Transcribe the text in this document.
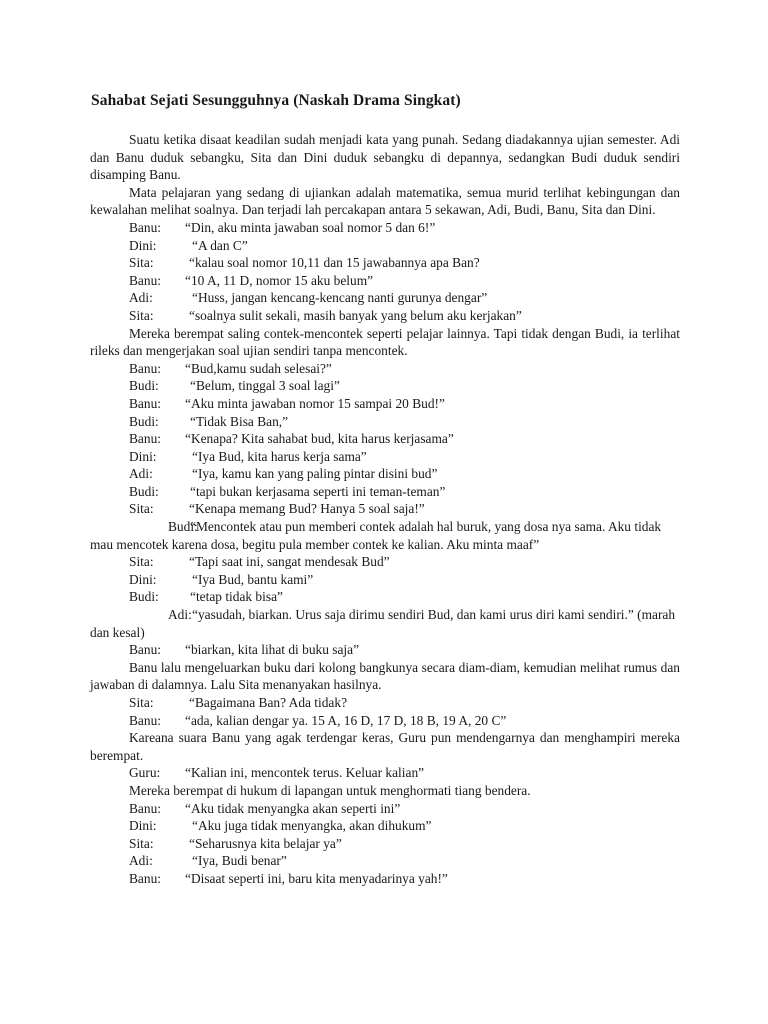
Sahabat Sejati Sesungguhnya (Naskah Drama Singkat)

Suatu ketika disaat keadilan sudah menjadi kata yang punah. Sedang diadakannya ujian semester. Adi dan Banu duduk sebangku, Sita dan Dini duduk sebangku di depannya, sedangkan Budi duduk sendiri disamping Banu.

Mata pelajaran yang sedang di ujiankan adalah matematika, semua murid terlihat kebingungan dan kewalahan melihat soalnya. Dan terjadi lah percakapan antara 5 sekawan, Adi, Budi, Banu, Sita dan Dini.

Banu: “Din, aku minta jawaban soal nomor 5 dan 6!”

Dini:	“A dan C”

Sita:	“kalau soal nomor 10,11 dan 15 jawabannya apa Ban?

Banu: “10 A, 11 D, nomor 15 aku belum”

Adi:	“Huss, jangan kencang-kencang nanti gurunya dengar”

Sita:	“soalnya sulit sekali, masih banyak yang belum aku kerjakan”

Mereka berempat saling contek-mencontek seperti pelajar lainnya. Tapi tidak dengan Budi, ia terlihat rileks dan mengerjakan soal ujian sendiri tanpa mencontek.

Banu: “Bud,kamu sudah selesai?”

Budi: “Belum, tinggal 3 soal lagi”

Banu: “Aku minta jawaban nomor 15 sampai 20 Bud!”

Budi: “Tidak Bisa Ban,”

Banu: “Kenapa? Kita sahabat bud, kita harus kerjasama”

Dini:	“Iya Bud, kita harus kerja sama”

Adi:	“Iya, kamu kan yang paling pintar disini bud”

Budi: “tapi bukan kerjasama seperti ini teman-teman”

Sita:	“Kenapa memang Bud? Hanya 5 soal saja!”

Budi:“Mencontek atau pun memberi contek adalah hal buruk, yang dosa nya sama. Aku tidak mau mencotek karena dosa, begitu pula member contek ke kalian. Aku minta maaf”

Sita:	“Tapi saat ini, sangat mendesak Bud”

Dini:	“Iya Bud, bantu kami”

Budi: “tetap tidak bisa”

Adi:“yasudah, biarkan. Urus saja dirimu sendiri Bud, dan kami urus diri kami sendiri.” (marah dan kesal)

Banu: “biarkan, kita lihat di buku saja”

Banu lalu mengeluarkan buku dari kolong bangkunya secara diam-diam, kemudian melihat rumus dan jawaban di dalamnya. Lalu Sita menanyakan hasilnya.

Sita:	“Bagaimana Ban? Ada tidak?

Banu: “ada, kalian dengar ya. 15 A, 16 D, 17 D, 18 B, 19 A, 20 C”

Kareana suara Banu yang agak terdengar keras, Guru pun mendengarnya dan menghampiri mereka berempat.

Guru: “Kalian ini, mencontek terus. Keluar kalian”

Mereka berempat di hukum di lapangan untuk menghormati tiang bendera.

Banu: “Aku tidak menyangka akan seperti ini”

Dini:	“Aku juga tidak menyangka, akan dihukum”

Sita:	“Seharusnya kita belajar ya”

Adi:	“Iya, Budi benar”

Banu: “Disaat seperti ini, baru kita menyadarinya yah!”
